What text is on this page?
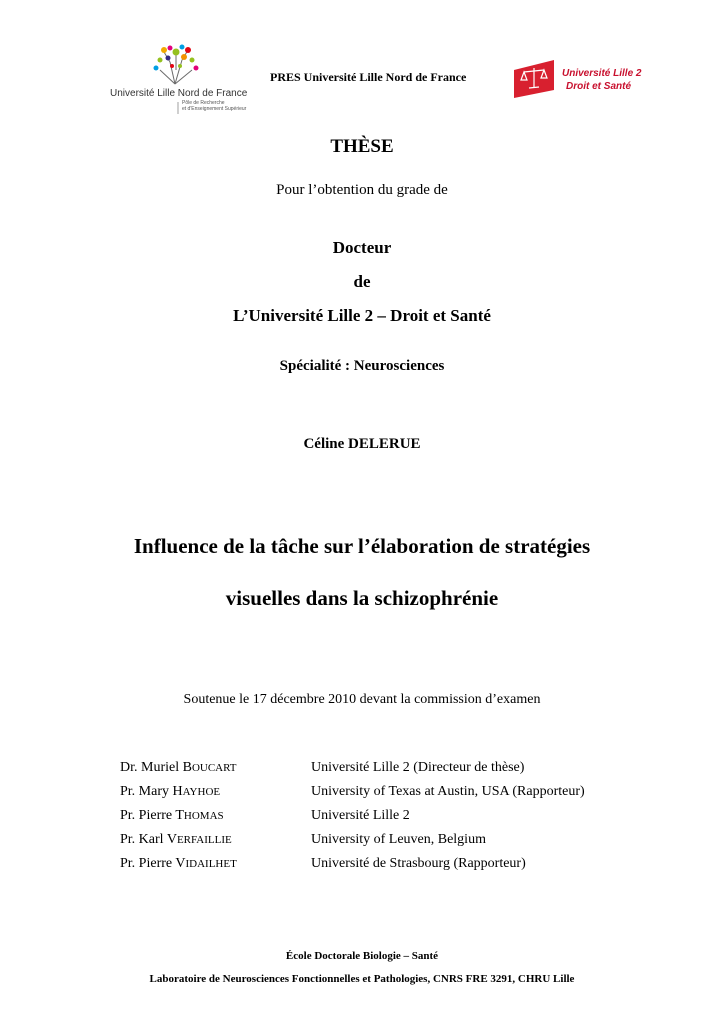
Université Lille Nord de France
Pôle de Recherche
et d'Enseignement Supérieur
PRES Université Lille Nord de France	Université Lille 2
Droit et Santé
THÈSE
Pour l’obtention du grade de
Docteur
de
L’Université Lille 2 – Droit et Santé
Spécialité : Neurosciences
Céline DELERUE
Influence de la tâche sur l’élaboration de stratégies
visuelles dans la schizophrénie
Soutenue le 17 décembre 2010 devant la commission d’examen
Dr. Muriel BOUCART	Université Lille 2 (Directeur de thèse)
Pr. Mary HAYHOE	University of Texas at Austin, USA (Rapporteur)
Pr. Pierre THOMAS	Université Lille 2
Pr. Karl VERFAILLIE	University of Leuven, Belgium
Pr. Pierre VIDAILHET	Université de Strasbourg (Rapporteur)
École Doctorale Biologie – Santé
Laboratoire de Neurosciences Fonctionnelles et Pathologies, CNRS FRE 3291, CHRU Lille
